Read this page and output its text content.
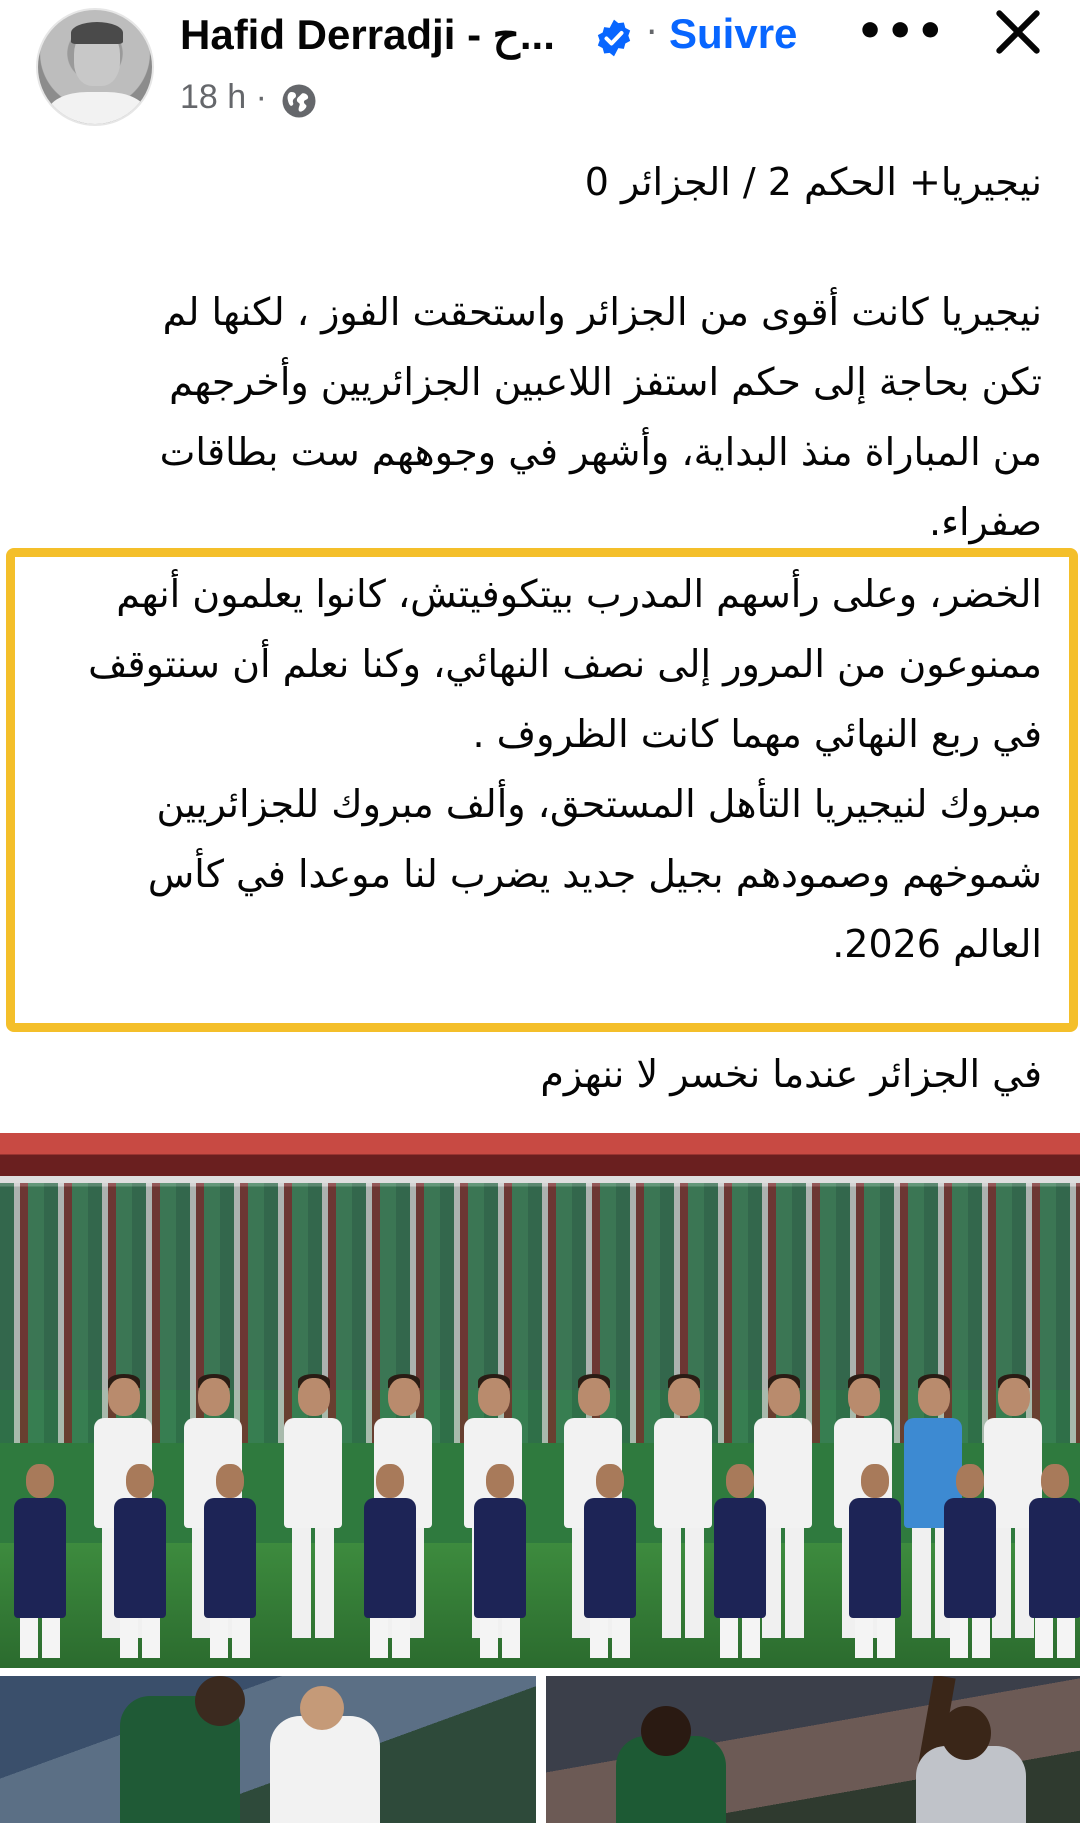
Hafid Derradji - ح...	· Suivre •••
18 h ·
نيجيريا+ الحكم 2 / الجزائر 0
نيجيريا كانت أقوى من الجزائر واستحقت الفوز ، لكنها لم
تكن بحاجة إلى حكم استفز اللاعبين الجزائريين وأخرجهم
من المباراة منذ البداية، وأشهر في وجوههم ست بطاقات
صفراء.
الخضر، وعلى رأسهم المدرب بيتكوفيتش، كانوا يعلمون أنهم
ممنوعون من المرور إلى نصف النهائي، وكنا نعلم أن سنتوقف
في ربع النهائي مهما كانت الظروف .
مبروك لنيجيريا التأهل المستحق، وألف مبروك للجزائريين
شموخهم وصمودهم بجيل جديد يضرب لنا موعدا في كأس
العالم 2026.
في الجزائر عندما نخسر لا ننهزم
